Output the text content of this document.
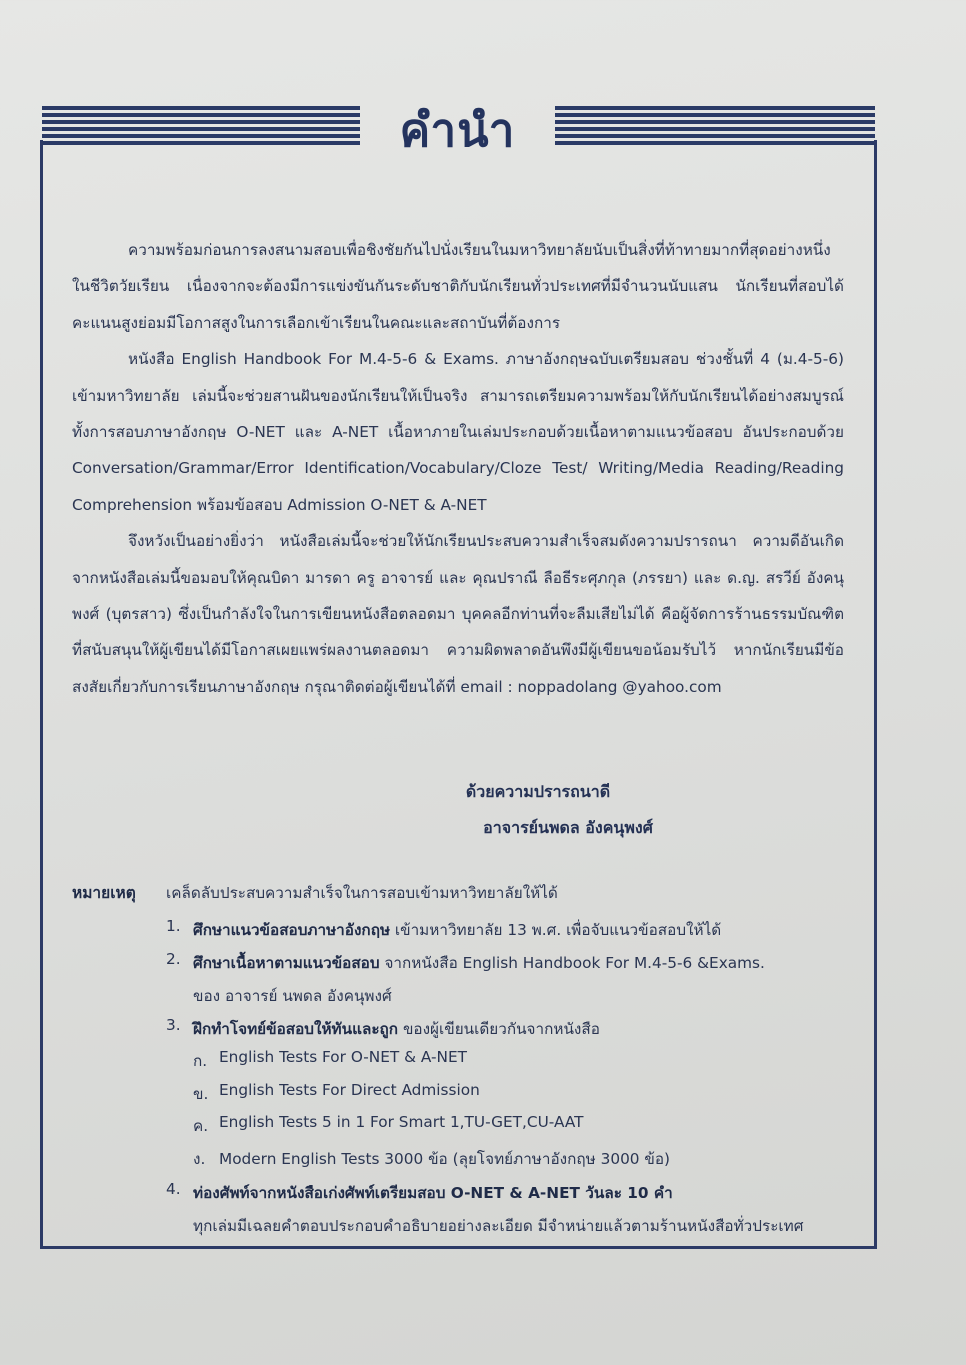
คำนำ

ความพร้อมก่อนการลงสนามสอบเพื่อชิงชัยกันไปนั่งเรียนในมหาวิทยาลัยนับเป็นสิ่งที่ท้าทายมากที่สุดอย่างหนึ่งในชีวิตวัยเรียน เนื่องจากจะต้องมีการแข่งขันกันระดับชาติกับนักเรียนทั่วประเทศที่มีจำนวนนับแสน นักเรียนที่สอบได้คะแนนสูงย่อมมีโอกาสสูงในการเลือกเข้าเรียนในคณะและสถาบันที่ต้องการ

หนังสือ English Handbook For M.4-5-6 & Exams. ภาษาอังกฤษฉบับเตรียมสอบ ช่วงชั้นที่ 4 (ม.4-5-6) เข้ามหาวิทยาลัย เล่มนี้จะช่วยสานฝันของนักเรียนให้เป็นจริง สามารถเตรียมความพร้อมให้กับนักเรียนได้อย่างสมบูรณ์ ทั้งการสอบภาษาอังกฤษ O-NET และ A-NET เนื้อหาภายในเล่มประกอบด้วยเนื้อหาตามแนวข้อสอบ อันประกอบด้วย Conversation/Grammar/Error Identification/Vocabulary/Cloze Test/ Writing/Media Reading/Reading Comprehension พร้อมข้อสอบ Admission O-NET & A-NET

จึงหวังเป็นอย่างยิ่งว่า หนังสือเล่มนี้จะช่วยให้นักเรียนประสบความสำเร็จสมดังความปรารถนา ความดีอันเกิดจากหนังสือเล่มนี้ขอมอบให้คุณบิดา มารดา ครู อาจารย์ และ คุณปราณี ลือธีระศุภกุล (ภรรยา) และ ด.ญ. สรวีย์ อังคนุพงศ์ (บุตรสาว) ซึ่งเป็นกำลังใจในการเขียนหนังสือตลอดมา บุคคลอีกท่านที่จะลืมเสียไม่ได้ คือผู้จัดการร้านธรรมบัณฑิตที่สนับสนุนให้ผู้เขียนได้มีโอกาสเผยแพร่ผลงานตลอดมา ความผิดพลาดอันพึงมีผู้เขียนขอน้อมรับไว้ หากนักเรียนมีข้อสงสัยเกี่ยวกับการเรียนภาษาอังกฤษ กรุณาติดต่อผู้เขียนได้ที่ email : noppadolang @yahoo.com

ด้วยความปรารถนาดี
อาจารย์นพดล อังคนุพงศ์
หมายเหตุ เคล็ดลับประสบความสำเร็จในการสอบเข้ามหาวิทยาลัยให้ได้
1. ศึกษาแนวข้อสอบภาษาอังกฤษ เข้ามหาวิทยาลัย 13 พ.ศ. เพื่อจับแนวข้อสอบให้ได้
2. ศึกษาเนื้อหาตามแนวข้อสอบ จากหนังสือ English Handbook For M.4-5-6 &Exams.
ของ อาจารย์ นพดล อังคนุพงศ์
3. ฝึกทำโจทย์ข้อสอบให้ทันและถูก ของผู้เขียนเดียวกันจากหนังสือ
ก. English Tests For O-NET & A-NET
ข. English Tests For Direct Admission
ค. English Tests 5 in 1 For Smart 1,TU-GET,CU-AAT
ง. Modern English Tests 3000 ข้อ (ลุยโจทย์ภาษาอังกฤษ 3000 ข้อ)
4. ท่องศัพท์จากหนังสือเก่งศัพท์เตรียมสอบ O-NET & A-NET วันละ 10 คำ
ทุกเล่มมีเฉลยคำตอบประกอบคำอธิบายอย่างละเอียด มีจำหน่ายแล้วตามร้านหนังสือทั่วประเทศ
